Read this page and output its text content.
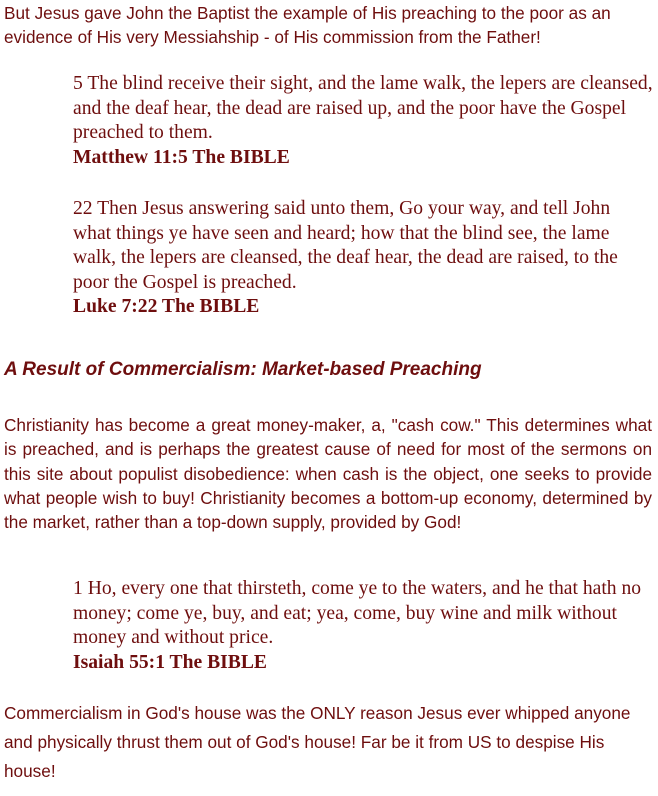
But Jesus gave John the Baptist the example of His preaching to the poor as an evidence of His very Messiahship - of His commission from the Father!

5 The blind receive their sight, and the lame walk, the lepers are cleansed, and the deaf hear, the dead are raised up, and the poor have the Gospel preached to them.
Matthew 11:5 The BIBLE
22 Then Jesus answering said unto them, Go your way, and tell John what things ye have seen and heard; how that the blind see, the lame walk, the lepers are cleansed, the deaf hear, the dead are raised, to the poor the Gospel is preached.
Luke 7:22 The BIBLE
A Result of Commercialism: Market-based Preaching

Christianity has become a great money-maker, a, "cash cow." This determines what is preached, and is perhaps the greatest cause of need for most of the sermons on this site about populist disobedience: when cash is the object, one seeks to provide what people wish to buy! Christianity becomes a bottom-up economy, determined by the market, rather than a top-down supply, provided by God!

1 Ho, every one that thirsteth, come ye to the waters, and he that hath no money; come ye, buy, and eat; yea, come, buy wine and milk without money and without price.
Isaiah 55:1 The BIBLE

Commercialism in God's house was the ONLY reason Jesus ever whipped anyone and physically thrust them out of God's house! Far be it from US to despise His house!
